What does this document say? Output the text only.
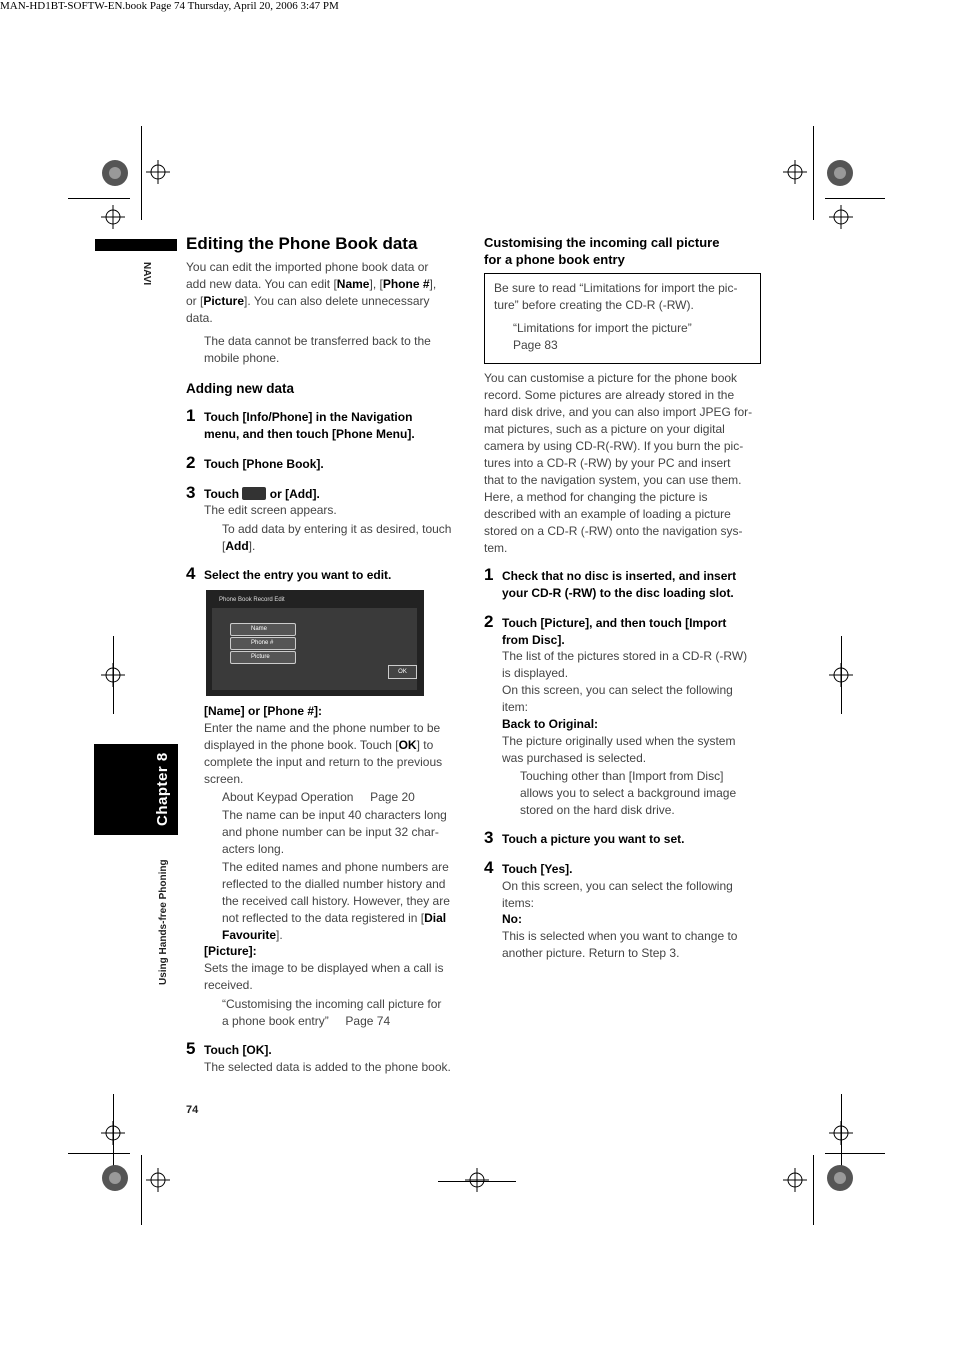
MAN-HD1BT-SOFTW-EN.book Page 74 Thursday, April 20, 2006 3:47 PM
NAVI
Chapter 8
Using Hands-free Phoning
74
Editing the Phone Book data
You can edit the imported phone book data or
add new data. You can edit [Name], [Phone #],
or [Picture]. You can also delete unnecessary
data.
The data cannot be transferred back to the
mobile phone.
Adding new data
1 Touch [Info/Phone] in the Navigation
menu, and then touch [Phone Menu].
2 Touch [Phone Book].
3 Touch	or [Add].
The edit screen appears.
To add data by entering it as desired, touch
[Add].
4 Select the entry you want to edit.
Phone Book Record Edit
Name
Phone #
Picture
OK
[Name] or [Phone #]:
Enter the name and the phone number to be
displayed in the phone book. Touch [OK] to
complete the input and return to the previous
screen.
About Keypad Operation Page 20
The name can be input 40 characters long
and phone number can be input 32 char-
acters long.
The edited names and phone numbers are
reflected to the dialled number history and
the received call history. However, they are
not reflected to the data registered in [Dial
Favourite].
[Picture]:
Sets the image to be displayed when a call is
received.
“Customising the incoming call picture for
a phone book entry” Page 74
5 Touch [OK].
The selected data is added to the phone book.
Customising the incoming call picture
for a phone book entry
Be sure to read “Limitations for import the pic-
ture” before creating the CD-R (-RW).
“Limitations for import the picture”
Page 83
You can customise a picture for the phone book
record. Some pictures are already stored in the
hard disk drive, and you can also import JPEG for-
mat pictures, such as a picture on your digital
camera by using CD-R(-RW). If you burn the pic-
tures into a CD-R (-RW) by your PC and insert
that to the navigation system, you can use them.
Here, a method for changing the picture is
described with an example of loading a picture
stored on a CD-R (-RW) onto the navigation sys-
tem.
1 Check that no disc is inserted, and insert
your CD-R (-RW) to the disc loading slot.
2 Touch [Picture], and then touch [Import
from Disc].
The list of the pictures stored in a CD-R (-RW)
is displayed.
On this screen, you can select the following
item:
Back to Original:
The picture originally used when the system
was purchased is selected.
Touching other than [Import from Disc]
allows you to select a background image
stored on the hard disk drive.
3 Touch a picture you want to set.
4 Touch [Yes].
On this screen, you can select the following
items:
No:
This is selected when you want to change to
another picture. Return to Step 3.
